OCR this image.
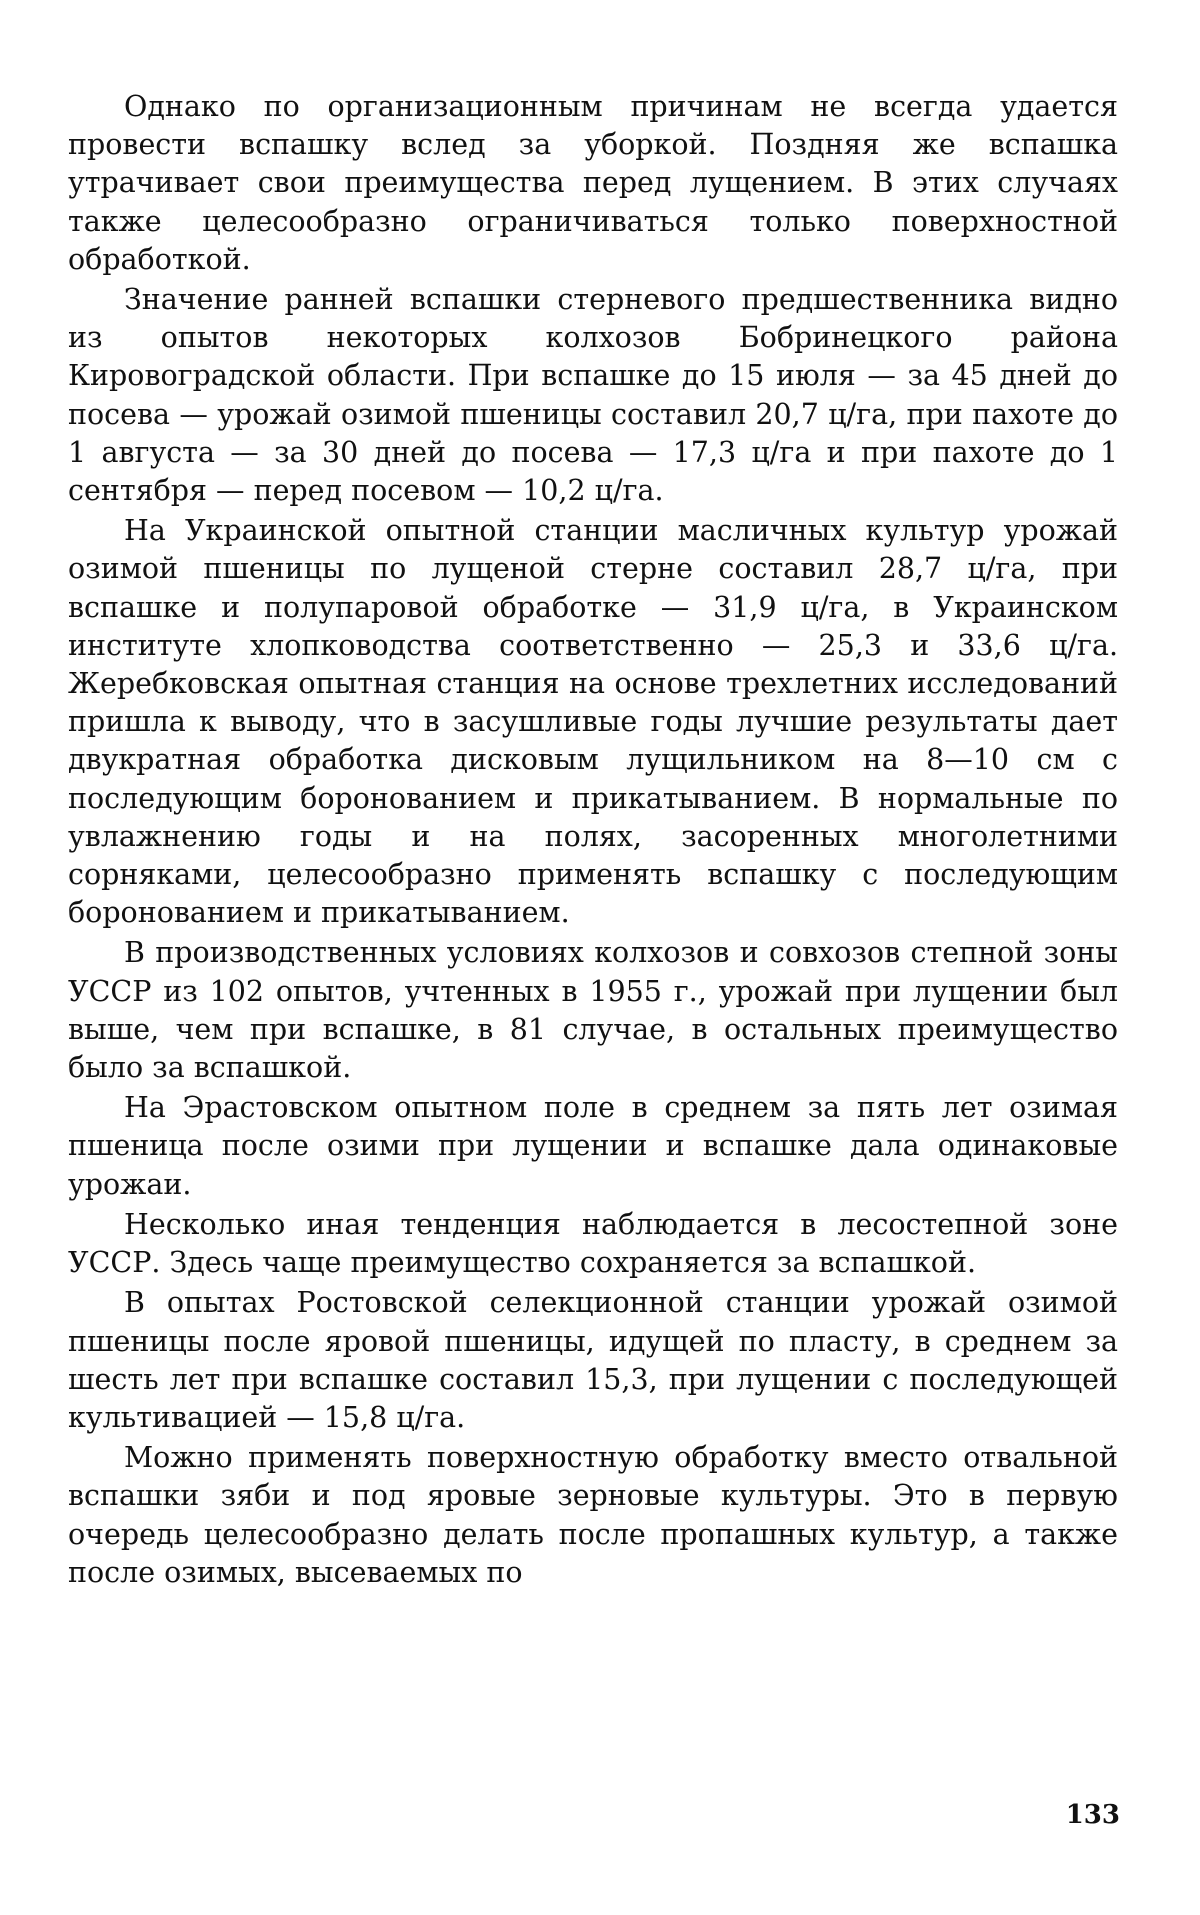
Однако по организационным причинам не всегда удается провести вспашку вслед за уборкой. Поздняя же вспашка утрачивает свои преимущества перед лущением. В этих случаях также целесообразно ограничиваться только поверхностной обработкой.

Значение ранней вспашки стерневого предшественника видно из опытов некоторых колхозов Бобринецкого района Кировоградской области. При вспашке до 15 июля — за 45 дней до посева — урожай озимой пшеницы составил 20,7 ц/га, при пахоте до 1 августа — за 30 дней до посева — 17,3 ц/га и при пахоте до 1 сентября — перед посевом — 10,2 ц/га.

На Украинской опытной станции масличных культур урожай озимой пшеницы по лущеной стерне составил 28,7 ц/га, при вспашке и полупаровой обработке — 31,9 ц/га, в Украинском институте хлопководства соответственно — 25,3 и 33,6 ц/га. Жеребковская опытная станция на основе трехлетних исследований пришла к выводу, что в засушливые годы лучшие результаты дает двукратная обработка дисковым лущильником на 8—10 см с последующим боронованием и прикатыванием. В нормальные по увлажнению годы и на полях, засоренных многолетними сорняками, целесообразно применять вспашку с последующим боронованием и прикатыванием.

В производственных условиях колхозов и совхозов степной зоны УССР из 102 опытов, учтенных в 1955 г., урожай при лущении был выше, чем при вспашке, в 81 случае, в остальных преимущество было за вспашкой.

На Эрастовском опытном поле в среднем за пять лет озимая пшеница после озими при лущении и вспашке дала одинаковые урожаи.

Несколько иная тенденция наблюдается в лесостепной зоне УССР. Здесь чаще преимущество сохраняется за вспашкой.

В опытах Ростовской селекционной станции урожай озимой пшеницы после яровой пшеницы, идущей по пласту, в среднем за шесть лет при вспашке составил 15,3, при лущении с последующей культивацией — 15,8 ц/га.

Можно применять поверхностную обработку вместо отвальной вспашки зяби и под яровые зерновые культуры. Это в первую очередь целесообразно делать после пропашных культур, а также после озимых, высеваемых по

133
